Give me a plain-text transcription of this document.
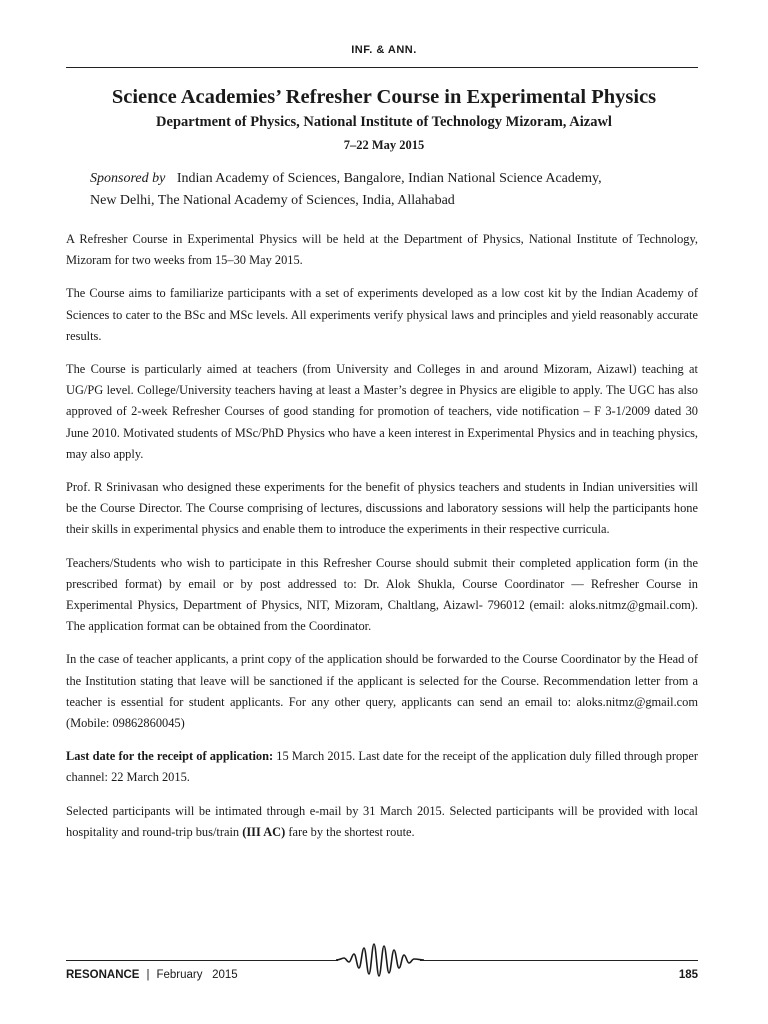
INF. & ANN.
Science Academies’ Refresher Course in Experimental Physics
Department of Physics, National Institute of Technology Mizoram, Aizawl
7–22 May 2015
Sponsored by Indian Academy of Sciences, Bangalore, Indian National Science Academy,
New Delhi, The National Academy of Sciences, India, Allahabad

A Refresher Course in Experimental Physics will be held at the Department of Physics, National Institute of Technology, Mizoram for two weeks from 15–30 May 2015.

The Course aims to familiarize participants with a set of experiments developed as a low cost kit by the Indian Academy of Sciences to cater to the BSc and MSc levels. All experiments verify physical laws and principles and yield reasonably accurate results.

The Course is particularly aimed at teachers (from University and Colleges in and around Mizoram, Aizawl) teaching at UG/PG level. College/University teachers having at least a Master’s degree in Physics are eligible to apply. The UGC has also approved of 2-week Refresher Courses of good standing for promotion of teachers, vide notification – F 3-1/2009 dated 30 June 2010. Motivated students of MSc/PhD Physics who have a keen interest in Experimental Physics and in teaching physics, may also apply.

Prof. R Srinivasan who designed these experiments for the benefit of physics teachers and students in Indian universities will be the Course Director. The Course comprising of lectures, discussions and laboratory sessions will help the participants hone their skills in experimental physics and enable them to introduce the experiments in their respective curricula.

Teachers/Students who wish to participate in this Refresher Course should submit their completed application form (in the prescribed format) by email or by post addressed to: Dr. Alok Shukla, Course Coordinator — Refresher Course in Experimental Physics, Department of Physics, NIT, Mizoram, Chaltlang, Aizawl- 796012 (email: aloks.nitmz@gmail.com). The application format can be obtained from the Coordinator.

In the case of teacher applicants, a print copy of the application should be forwarded to the Course Coordinator by the Head of the Institution stating that leave will be sanctioned if the applicant is selected for the Course. Recommendation letter from a teacher is essential for student applicants. For any other query, applicants can send an email to: aloks.nitmz@gmail.com (Mobile: 09862860045)

Last date for the receipt of application: 15 March 2015. Last date for the receipt of the application duly filled through proper channel: 22 March 2015.

Selected participants will be intimated through e-mail by 31 March 2015. Selected participants will be provided with local hospitality and round-trip bus/train (III AC) fare by the shortest route.

RESONANCE | February   2015	185
